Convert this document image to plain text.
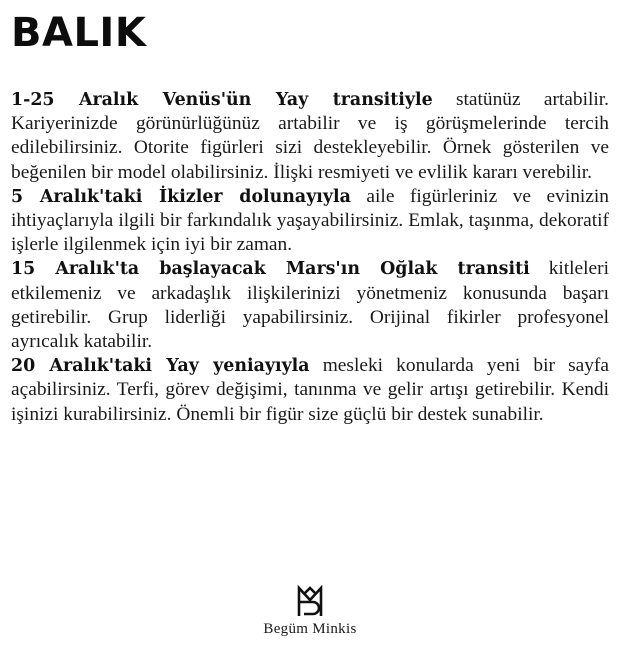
BALIK

1-25 Aralık Venüs'ün Yay transitiyle statünüz artabilir. Kariyerinizde görünürlüğünüz artabilir ve iş görüşmelerinde tercih edilebilirsiniz. Otorite figürleri sizi destekleyebilir. Örnek gösterilen ve beğenilen bir model olabilirsiniz. İlişki resmiyeti ve evlilik kararı verebilir.

5 Aralık'taki İkizler dolunayıyla aile figürleriniz ve evinizin ihtiyaçlarıyla ilgili bir farkındalık yaşayabilirsiniz. Emlak, taşınma, dekoratif işlerle ilgilenmek için iyi bir zaman.

15 Aralık'ta başlayacak Mars'ın Oğlak transiti kitleleri etkilemeniz ve arkadaşlık ilişkilerinizi yönetmeniz konusunda başarı getirebilir. Grup liderliği yapabilirsiniz. Orijinal fikirler profesyonel ayrıcalık katabilir.

20 Aralık'taki Yay yeniayıyla mesleki konularda yeni bir sayfa açabilirsiniz. Terfi, görev değişimi, tanınma ve gelir artışı getirebilir. Kendi işinizi kurabilirsiniz. Önemli bir figür size güçlü bir destek sunabilir.

Begüm Minkis
